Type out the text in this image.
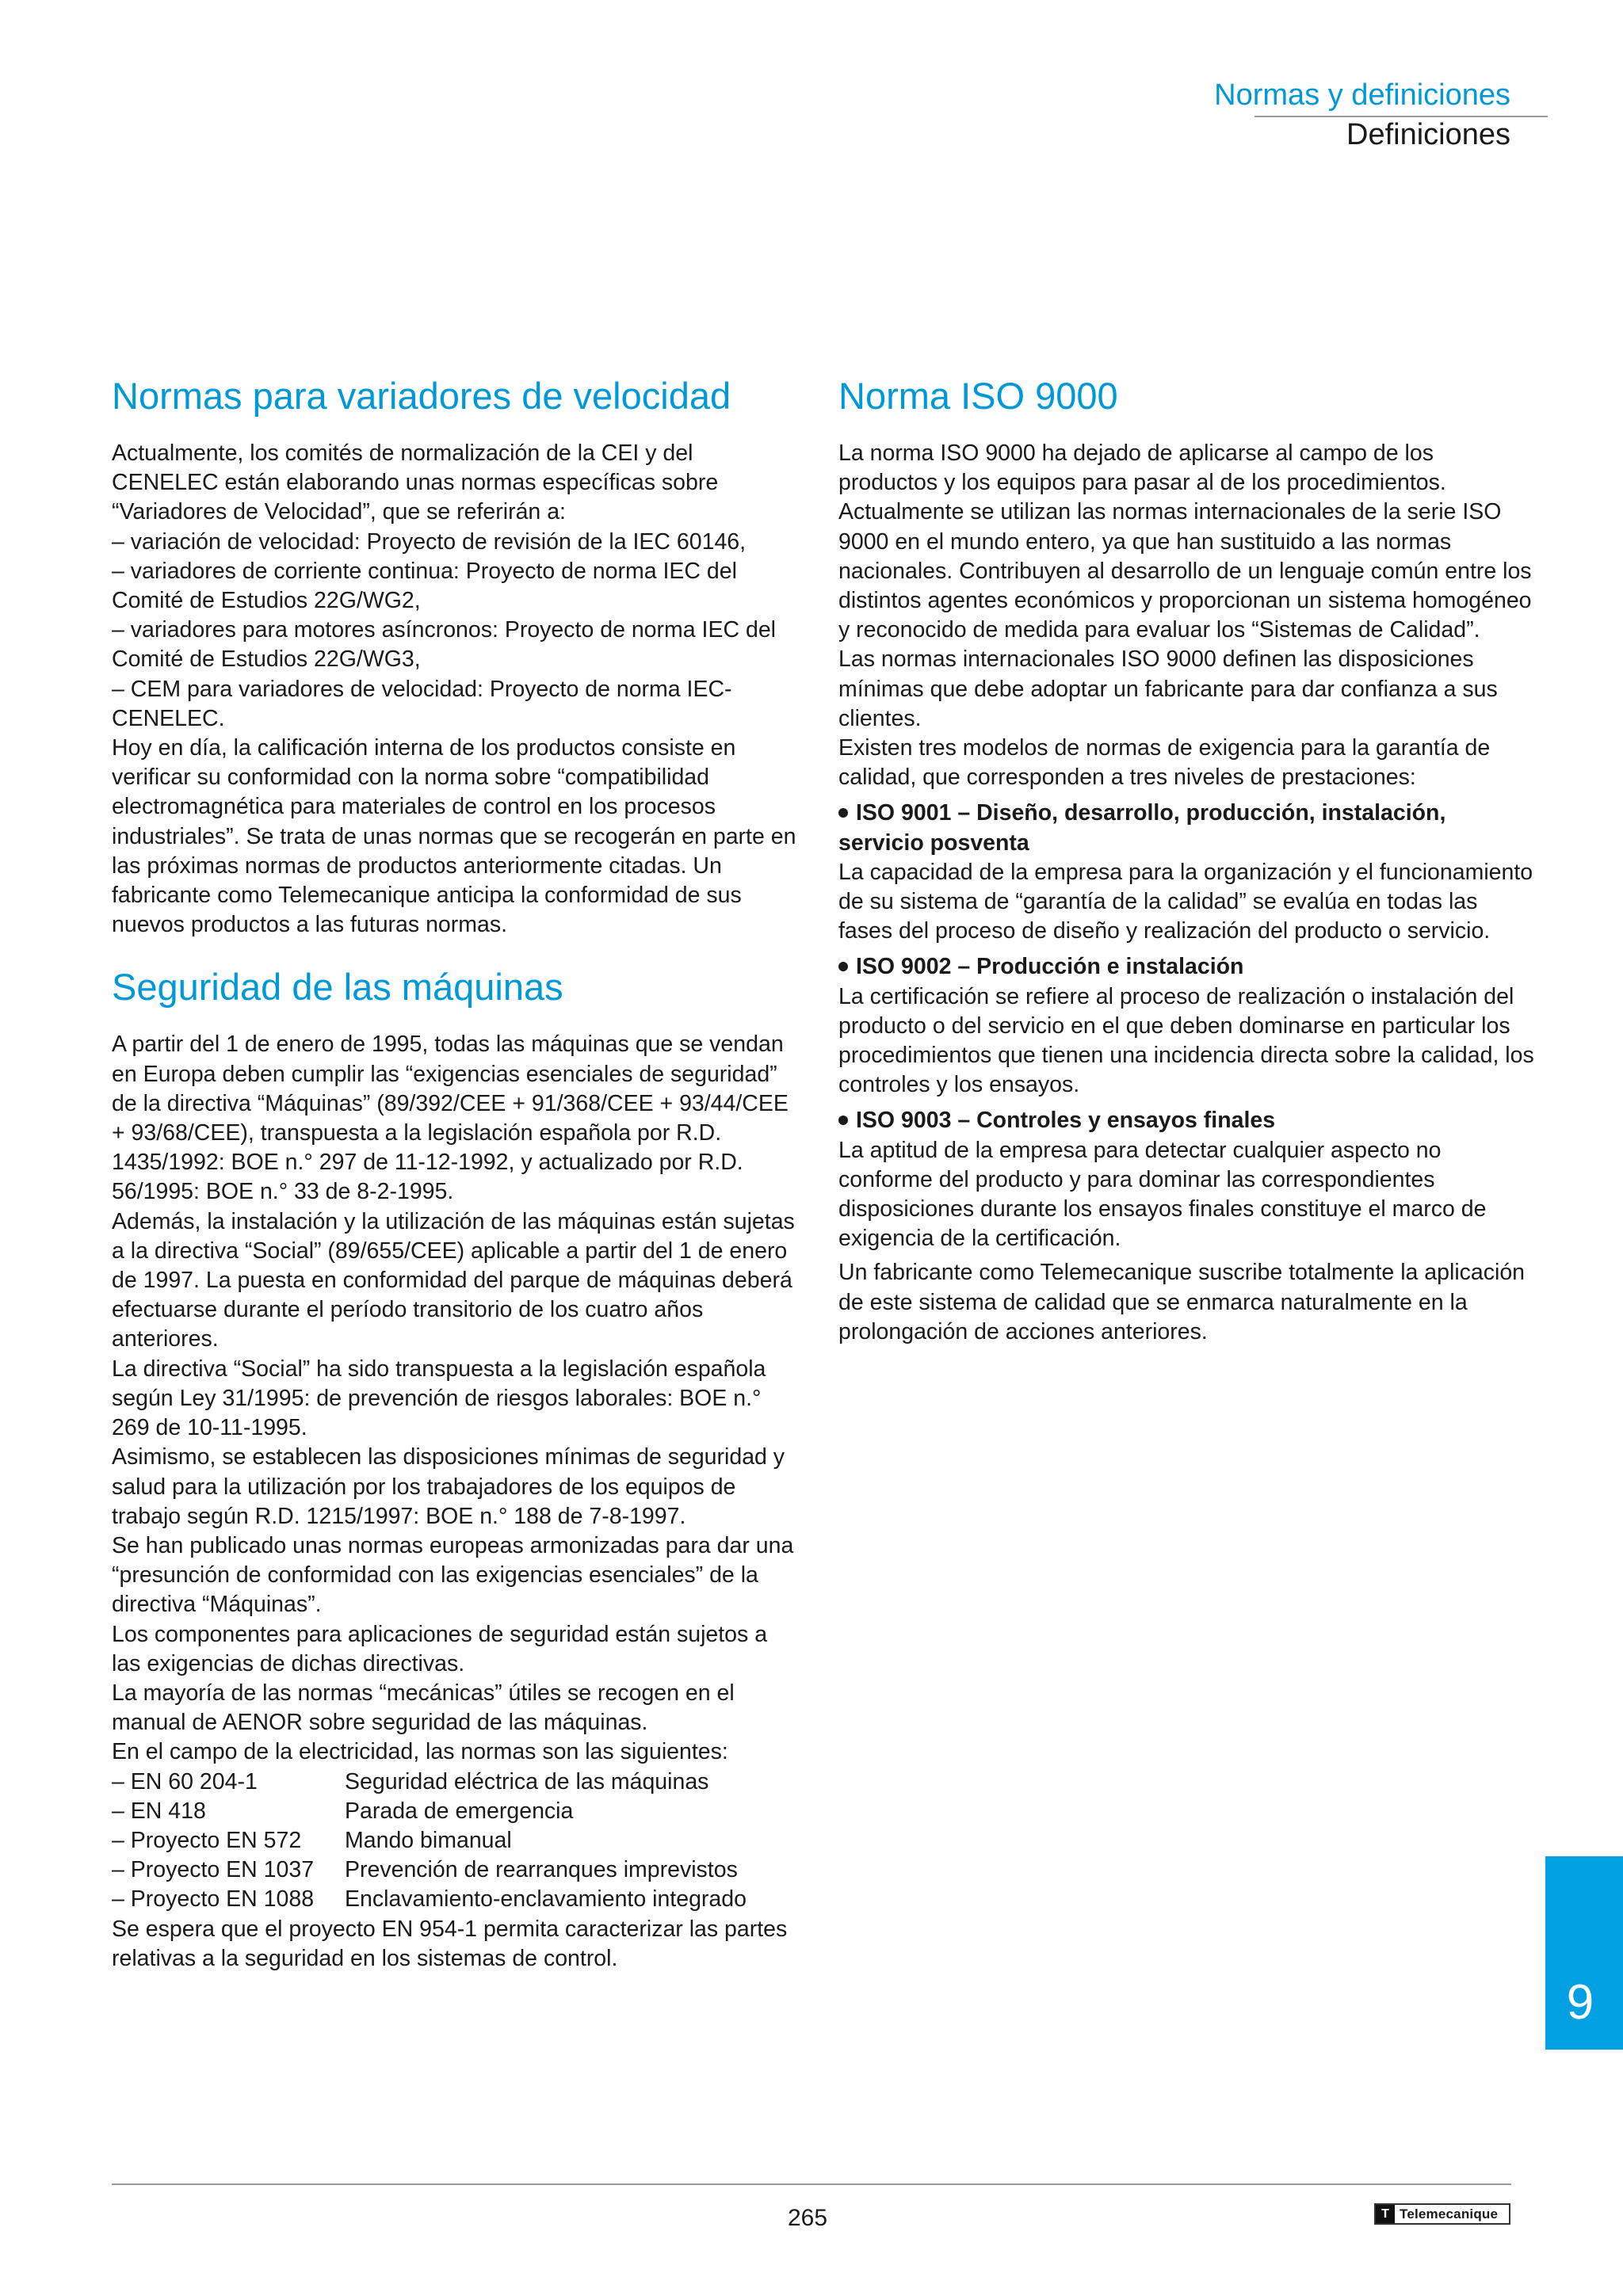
Normas y definiciones
Definiciones
Normas para variadores de velocidad

Actualmente, los comités de normalización de la CEI y del CENELEC están elaborando unas normas específicas sobre “Variadores de Velocidad”, que se referirán a:

– variación de velocidad: Proyecto de revisión de la IEC 60146,

– variadores de corriente continua: Proyecto de norma IEC del Comité de Estudios 22G/WG2,

– variadores para motores asíncronos: Proyecto de norma IEC del Comité de Estudios 22G/WG3,

– CEM para variadores de velocidad: Proyecto de norma IEC-CENELEC.

Hoy en día, la calificación interna de los productos consiste en verificar su conformidad con la norma sobre “compatibilidad electromagnética para materiales de control en los procesos industriales”. Se trata de unas normas que se recogerán en parte en las próximas normas de productos anteriormente citadas. Un fabricante como Telemecanique anticipa la conformidad de sus nuevos productos a las futuras normas.

Seguridad de las máquinas

A partir del 1 de enero de 1995, todas las máquinas que se vendan en Europa deben cumplir las “exigencias esenciales de seguridad” de la directiva “Máquinas” (89/392/CEE + 91/368/CEE + 93/44/CEE + 93/68/CEE), transpuesta a la legislación española por R.D. 1435/1992: BOE n.° 297 de 11-12-1992, y actualizado por R.D. 56/1995: BOE n.° 33 de 8-2-1995.

Además, la instalación y la utilización de las máquinas están sujetas a la directiva “Social” (89/655/CEE) aplicable a partir del 1 de enero de 1997. La puesta en conformidad del parque de máquinas deberá efectuarse durante el período transitorio de los cuatro años anteriores.

La directiva “Social” ha sido transpuesta a la legislación española según Ley 31/1995: de prevención de riesgos laborales: BOE n.° 269 de 10-11-1995.

Asimismo, se establecen las disposiciones mínimas de seguridad y salud para la utilización por los trabajadores de los equipos de trabajo según R.D. 1215/1997: BOE n.° 188 de 7-8-1997.

Se han publicado unas normas europeas armonizadas para dar una “presunción de conformidad con las exigencias esenciales” de la directiva “Máquinas”.

Los componentes para aplicaciones de seguridad están sujetos a las exigencias de dichas directivas.

La mayoría de las normas “mecánicas” útiles se recogen en el manual de AENOR sobre seguridad de las máquinas.

En el campo de la electricidad, las normas son las siguientes:

– EN 60 204-1	Seguridad eléctrica de las máquinas
– EN 418	Parada de emergencia
– Proyecto EN 572	Mando bimanual
– Proyecto EN 1037	Prevención de rearranques imprevistos
– Proyecto EN 1088	Enclavamiento-enclavamiento integrado

Se espera que el proyecto EN 954-1 permita caracterizar las partes relativas a la seguridad en los sistemas de control.

Norma ISO 9000

La norma ISO 9000 ha dejado de aplicarse al campo de los productos y los equipos para pasar al de los procedimientos.

Actualmente se utilizan las normas internacionales de la serie ISO 9000 en el mundo entero, ya que han sustituido a las normas nacionales. Contribuyen al desarrollo de un lenguaje común entre los distintos agentes económicos y proporcionan un sistema homogéneo y reconocido de medida para evaluar los “Sistemas de Calidad”.

Las normas internacionales ISO 9000 definen las disposiciones mínimas que debe adoptar un fabricante para dar confianza a sus clientes.

Existen tres modelos de normas de exigencia para la garantía de calidad, que corresponden a tres niveles de prestaciones:

ISO 9001 – Diseño, desarrollo, producción, instalación, servicio posventa

La capacidad de la empresa para la organización y el funcionamiento de su sistema de “garantía de la calidad” se evalúa en todas las fases del proceso de diseño y realización del producto o servicio.

ISO 9002 – Producción e instalación

La certificación se refiere al proceso de realización o instalación del producto o del servicio en el que deben dominarse en particular los procedimientos que tienen una incidencia directa sobre la calidad, los controles y los ensayos.

ISO 9003 – Controles y ensayos finales

La aptitud de la empresa para detectar cualquier aspecto no conforme del producto y para dominar las correspondientes disposiciones durante los ensayos finales constituye el marco de exigencia de la certificación.

Un fabricante como Telemecanique suscribe totalmente la aplicación de este sistema de calidad que se enmarca naturalmente en la prolongación de acciones anteriores.

9
265	T Telemecanique
